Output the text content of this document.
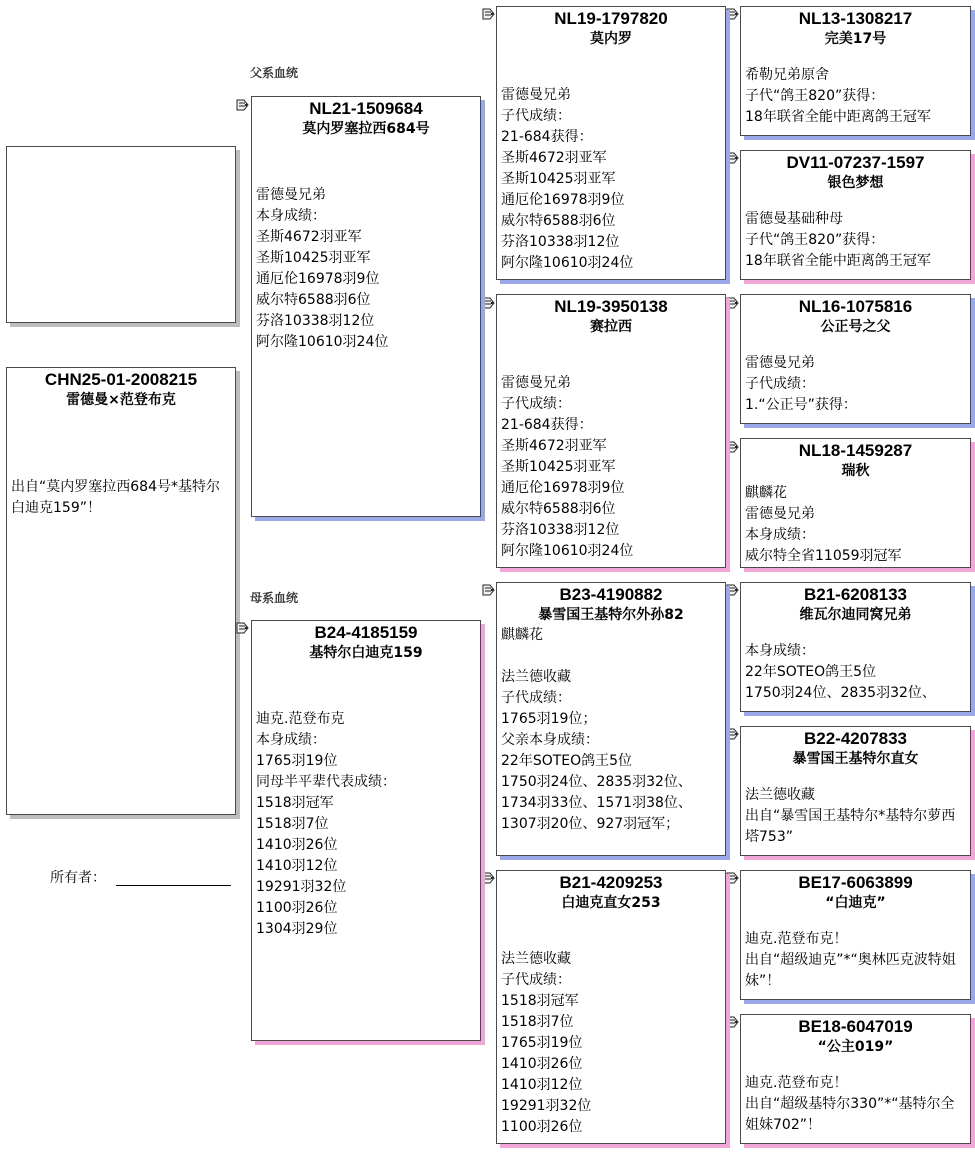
CHN25-01-2008215
雷德曼×范登布克
出自“莫内罗塞拉西684号*基特尔白迪克159”！
所有者：
父系血统
母系血统
NL21-1509684
莫内罗塞拉西684号
雷德曼兄弟
本身成绩：
圣斯4672羽亚军
圣斯10425羽亚军
通厄伦16978羽9位
威尔特6588羽6位
芬洛10338羽12位
阿尔隆10610羽24位
B24-4185159
基特尔白迪克159
迪克.范登布克
本身成绩：
1765羽19位
同母半平辈代表成绩：
1518羽冠军
1518羽7位
1410羽26位
1410羽12位
19291羽32位
1100羽26位
1304羽29位
NL19-1797820
莫内罗
雷德曼兄弟
子代成绩：
21-684获得：
圣斯4672羽亚军
圣斯10425羽亚军
通厄伦16978羽9位
威尔特6588羽6位
芬洛10338羽12位
阿尔隆10610羽24位
NL19-3950138
赛拉西
雷德曼兄弟
子代成绩：
21-684获得：
圣斯4672羽亚军
圣斯10425羽亚军
通厄伦16978羽9位
威尔特6588羽6位
芬洛10338羽12位
阿尔隆10610羽24位
B23-4190882
暴雪国王基特尔外孙82
麒麟花
法兰德收藏
子代成绩：
1765羽19位；
父亲本身成绩：
22年SOTEO鸽王5位
1750羽24位、2835羽32位、
1734羽33位、1571羽38位、
1307羽20位、927羽冠军；
B21-4209253
白迪克直女253
法兰德收藏
子代成绩：
1518羽冠军
1518羽7位
1765羽19位
1410羽26位
1410羽12位
19291羽32位
1100羽26位
NL13-1308217
完美17号
希勒兄弟原舍
子代“鸽王820”获得：
18年联省全能中距离鸽王冠军
DV11-07237-1597
银色梦想
雷德曼基础种母
子代“鸽王820”获得：
18年联省全能中距离鸽王冠军
NL16-1075816
公正号之父
雷德曼兄弟
子代成绩：
1.“公正号”获得：
NL18-1459287
瑞秋
麒麟花
雷德曼兄弟
本身成绩：
威尔特全省11059羽冠军
B21-6208133
维瓦尔迪同窝兄弟
本身成绩：
22年SOTEO鸽王5位
1750羽24位、2835羽32位、
B22-4207833
暴雪国王基特尔直女
法兰德收藏
出自“暴雪国王基特尔*基特尔萝西塔753”
BE17-6063899
“白迪克”
迪克.范登布克！
出自“超级迪克”*“奥林匹克波特姐妹”！
BE18-6047019
“公主019”
迪克.范登布克！
出自“超级基特尔330”*“基特尔全姐妹702”！
